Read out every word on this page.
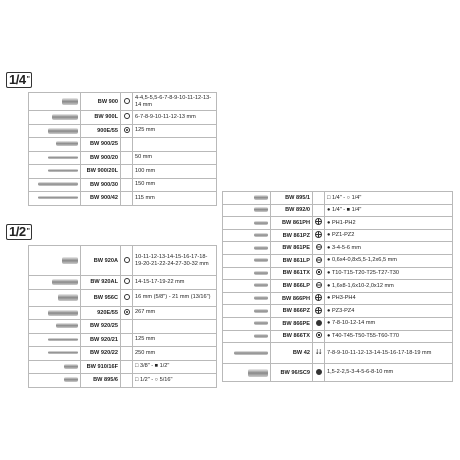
1/4"
1/2"
	BW 900		4-4,5-5,5-6-7-8-9-10-11-12-13-14 mm
	BW 900L		6-7-8-9-10-11-12-13 mm
	900E/55		125 mm
	BW 900/25		
	BW 900/20		50 mm
	BW 900/20L		100 mm
	BW 900/30		150 mm
	BW 900/42		115 mm
	BW 920A		10-11-12-13-14-15-16-17-18-19-20-21-22-24-27-30-32 mm
	BW 920AL		14-15-17-19-22 mm
	BW 956C		16 mm (5/8") - 21 mm (13/16")
	920E/55		267 mm
	BW 920/25		
	BW 920/21		125 mm
	BW 920/22		250 mm
	BW 910/16F		□ 3/8" - ■ 1/2"
	BW 895/6		□ 1/2" - ○ 5/16"
	BW 895/1		□ 1/4" - ○ 1/4"
	BW 892/0		● 1/4" - ■ 1/4"
	BW 861PH		● PH1-PH2
	BW 861PZ		● PZ1-PZ2
	BW 861PE		● 3-4-5-6 mm
	BW 861LP		● 0,6x4-0,8x5,5-1,2x6,5 mm
	BW 861TX		● T10-T15-T20-T25-T27-T30
	BW 866LP		● 1,6x8-1,6x10-2,0x12 mm
	BW 866PH		● PH3-PH4
	BW 866PZ		● PZ3-PZ4
	BW 866PE		● 7-8-10-12-14 mm
	BW 866TX		● T40-T45-T50-T55-T60-T70
	BW 42	⮇	7-8-9-10-11-12-13-14-15-16-17-18-19 mm
	BW 96/SC9		1,5-2-2,5-3-4-5-6-8-10 mm
